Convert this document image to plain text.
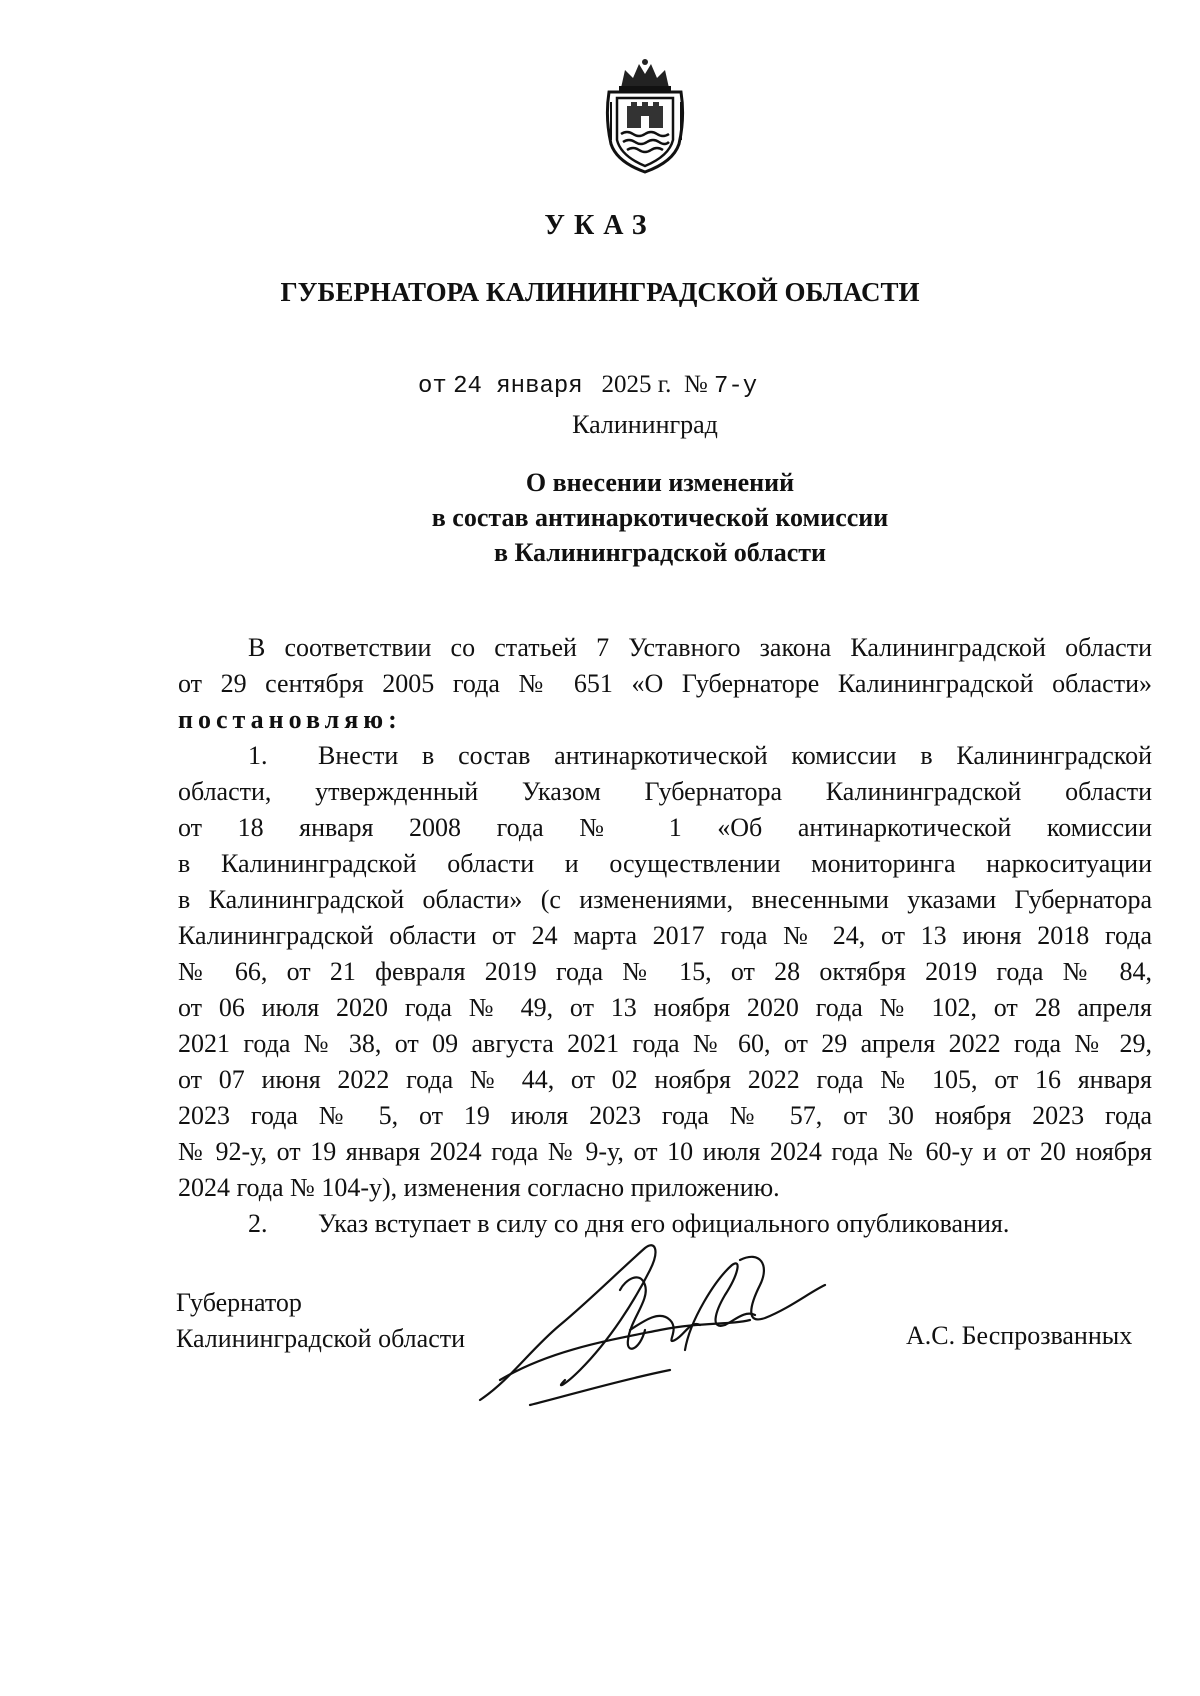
УКАЗ
ГУБЕРНАТОРА КАЛИНИНГРАДСКОЙ ОБЛАСТИ
от 24 января 2025 г. № 7-у
Калининград
О внесении изменений
в состав антинаркотической комиссии
в Калининградской области
В соответствии со статьей 7 Уставного закона Калининградской области
от 29 сентября 2005 года № 651 «О Губернаторе Калининградской области»
постановляю:
1. Внести в состав антинаркотической комиссии в Калининградской
области, утвержденный Указом Губернатора Калининградской области
от 18 января 2008 года № 1 «Об антинаркотической комиссии
в Калининградской области и осуществлении мониторинга наркоситуации
в Калининградской области» (с изменениями, внесенными указами Губернатора
Калининградской области от 24 марта 2017 года № 24, от 13 июня 2018 года
№ 66, от 21 февраля 2019 года № 15, от 28 октября 2019 года № 84,
от 06 июля 2020 года № 49, от 13 ноября 2020 года № 102, от 28 апреля
2021 года № 38, от 09 августа 2021 года № 60, от 29 апреля 2022 года № 29,
от 07 июня 2022 года № 44, от 02 ноября 2022 года № 105, от 16 января
2023 года № 5, от 19 июля 2023 года № 57, от 30 ноября 2023 года
№ 92-у, от 19 января 2024 года № 9-у, от 10 июля 2024 года № 60-у и от 20 ноября
2024 года № 104-у), изменения согласно приложению.
2. Указ вступает в силу со дня его официального опубликования.
Губернатор
Калининградской области	А.С. Беспрозванных
